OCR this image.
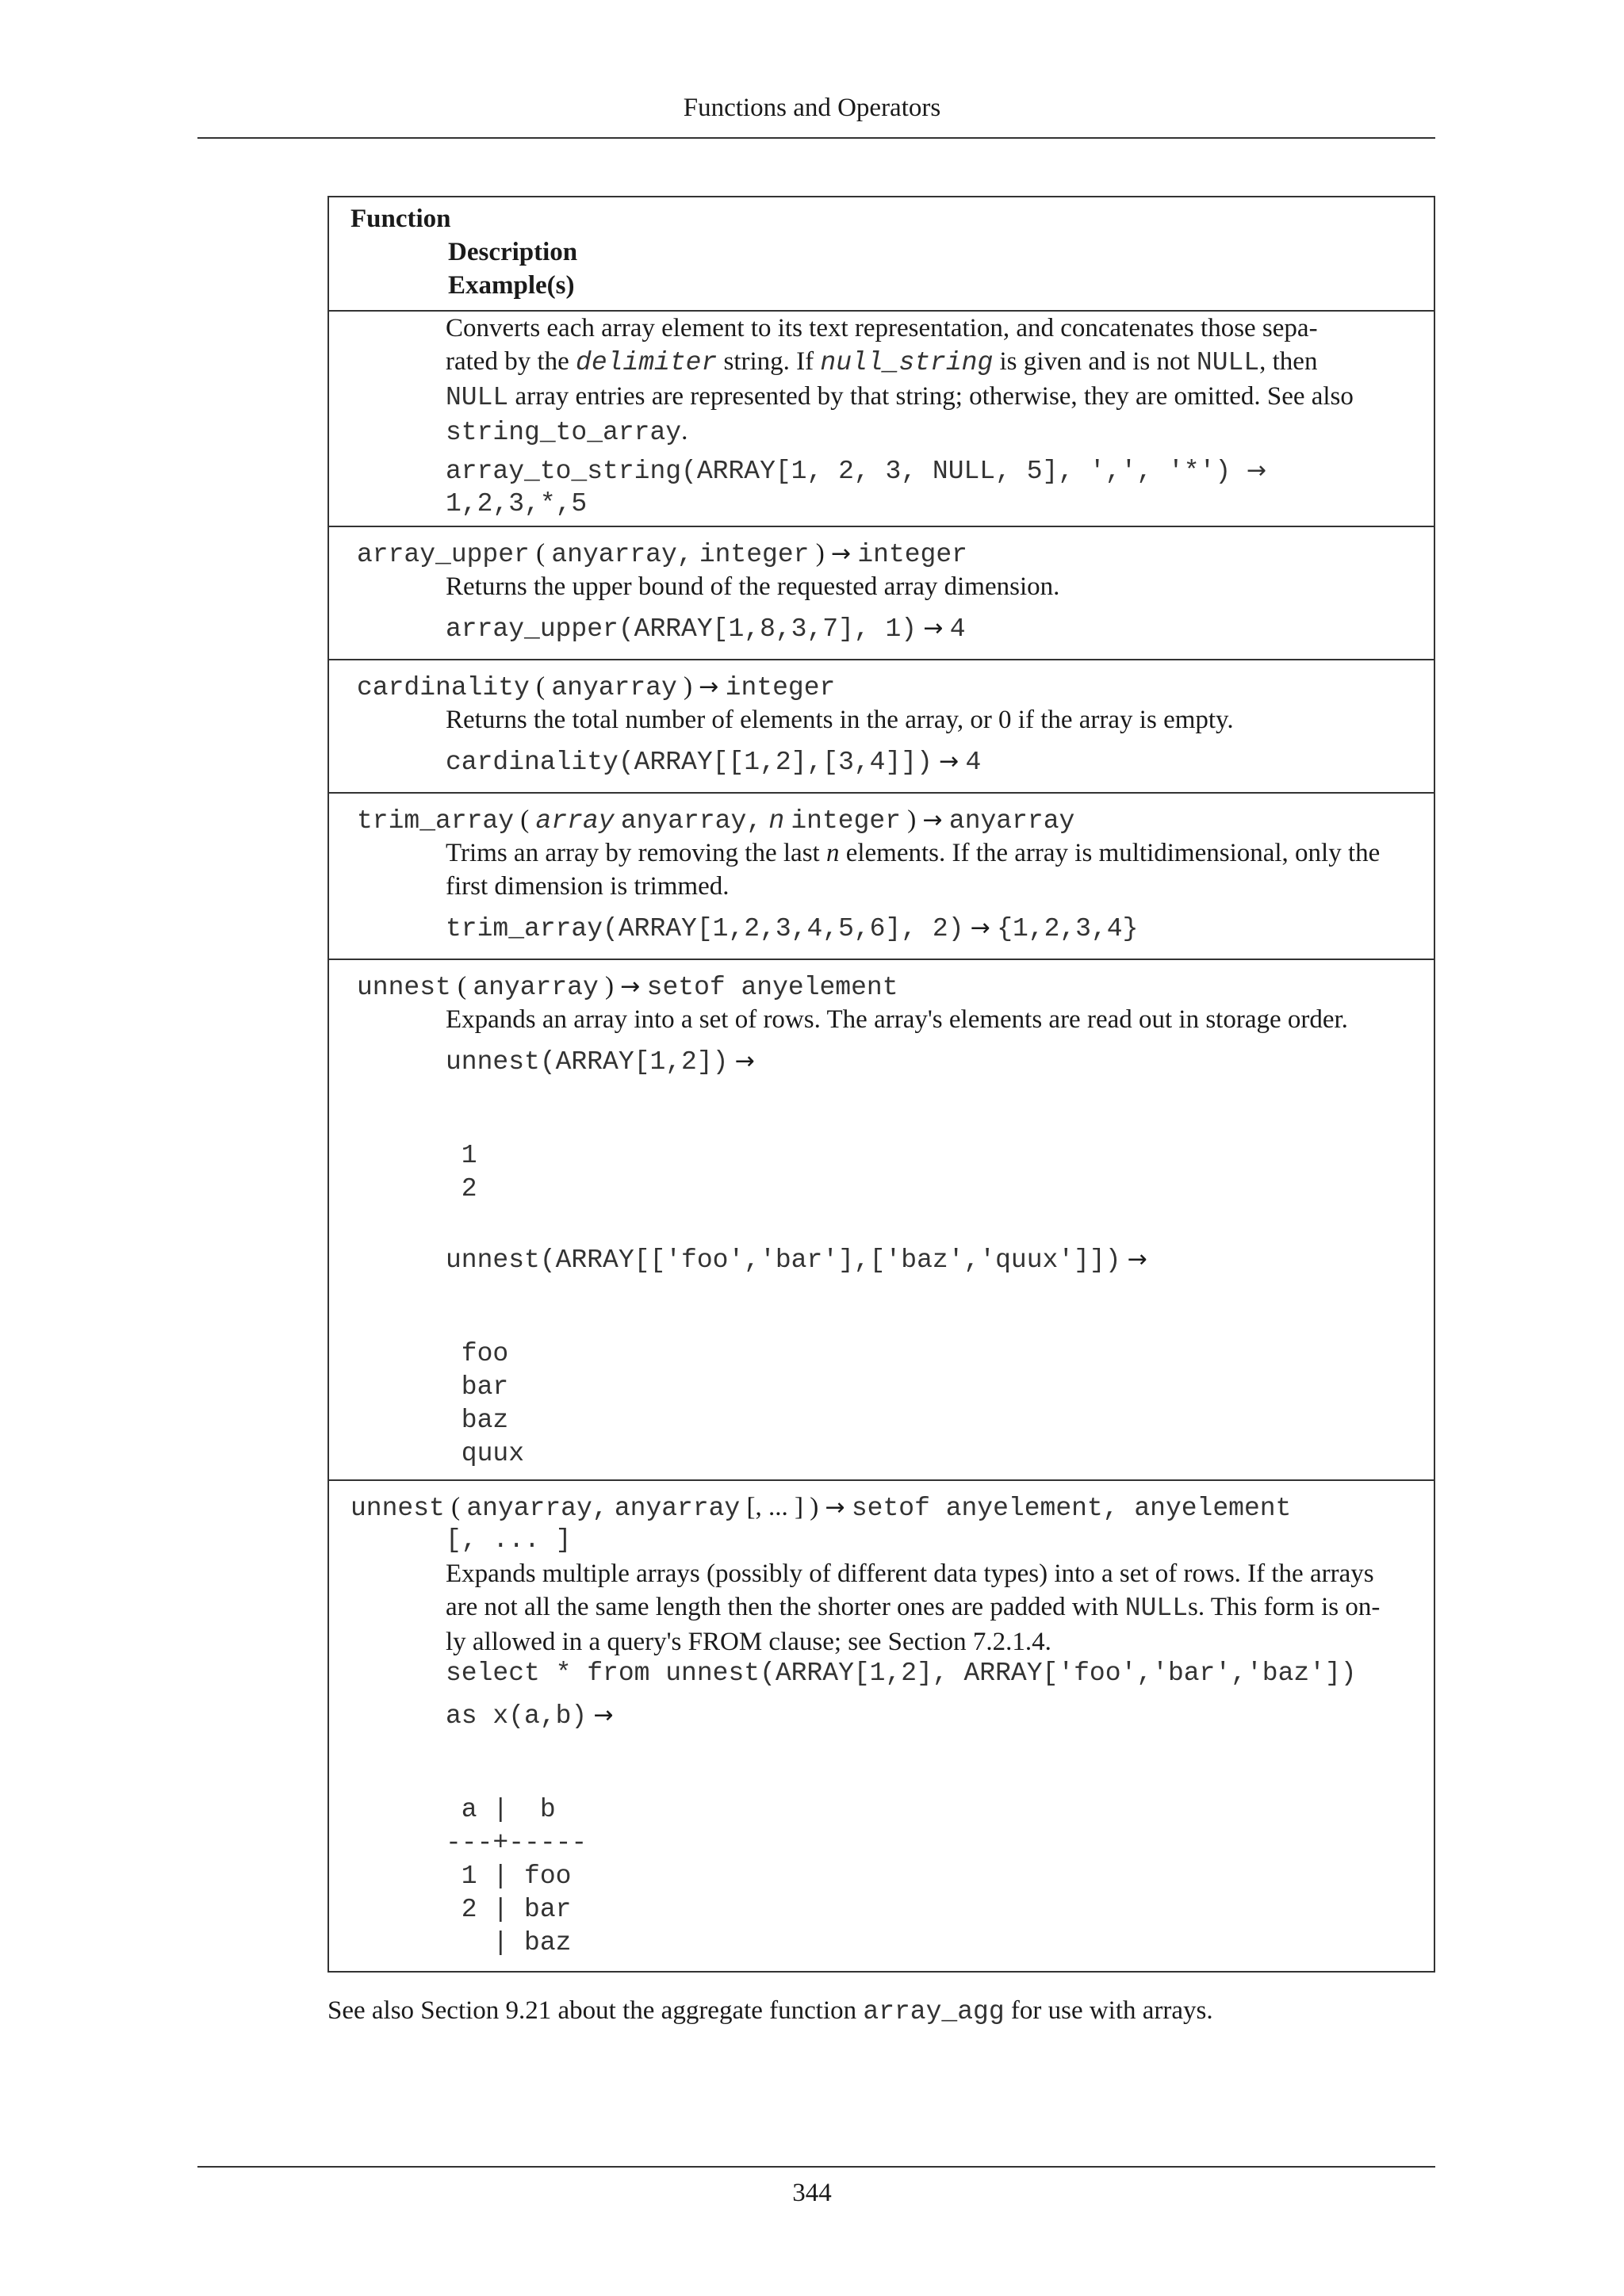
Functions and Operators
Function
Description
Example(s)
Converts each array element to its text representation, and concatenates those sepa-
rated by the delimiter string. If null_string is given and is not NULL, then
NULL array entries are represented by that string; otherwise, they are omitted. See also
string_to_array.
array_to_string(ARRAY[1, 2, 3, NULL, 5], ',', '*') →
1,2,3,*,5
array_upper ( anyarray, integer ) → integer
Returns the upper bound of the requested array dimension.
array_upper(ARRAY[1,8,3,7], 1) → 4
cardinality ( anyarray ) → integer
Returns the total number of elements in the array, or 0 if the array is empty.
cardinality(ARRAY[[1,2],[3,4]]) → 4
trim_array ( array anyarray, n integer ) → anyarray
Trims an array by removing the last n elements. If the array is multidimensional, only the
first dimension is trimmed.
trim_array(ARRAY[1,2,3,4,5,6], 2) → {1,2,3,4}
unnest ( anyarray ) → setof anyelement
Expands an array into a set of rows. The array's elements are read out in storage order.
unnest(ARRAY[1,2]) →
1
2
unnest(ARRAY[['foo','bar'],['baz','quux']]) →
foo
bar
baz
quux
unnest ( anyarray, anyarray [, ... ] ) → setof anyelement, anyelement
[, ... ]
Expands multiple arrays (possibly of different data types) into a set of rows. If the arrays
are not all the same length then the shorter ones are padded with NULLs. This form is on-
ly allowed in a query's FROM clause; see Section 7.2.1.4.
select * from unnest(ARRAY[1,2], ARRAY['foo','bar','baz'])
as x(a,b) →
a |  b
---+-----
1 | foo
2 | bar
| baz
See also Section 9.21 about the aggregate function array_agg for use with arrays.
344
